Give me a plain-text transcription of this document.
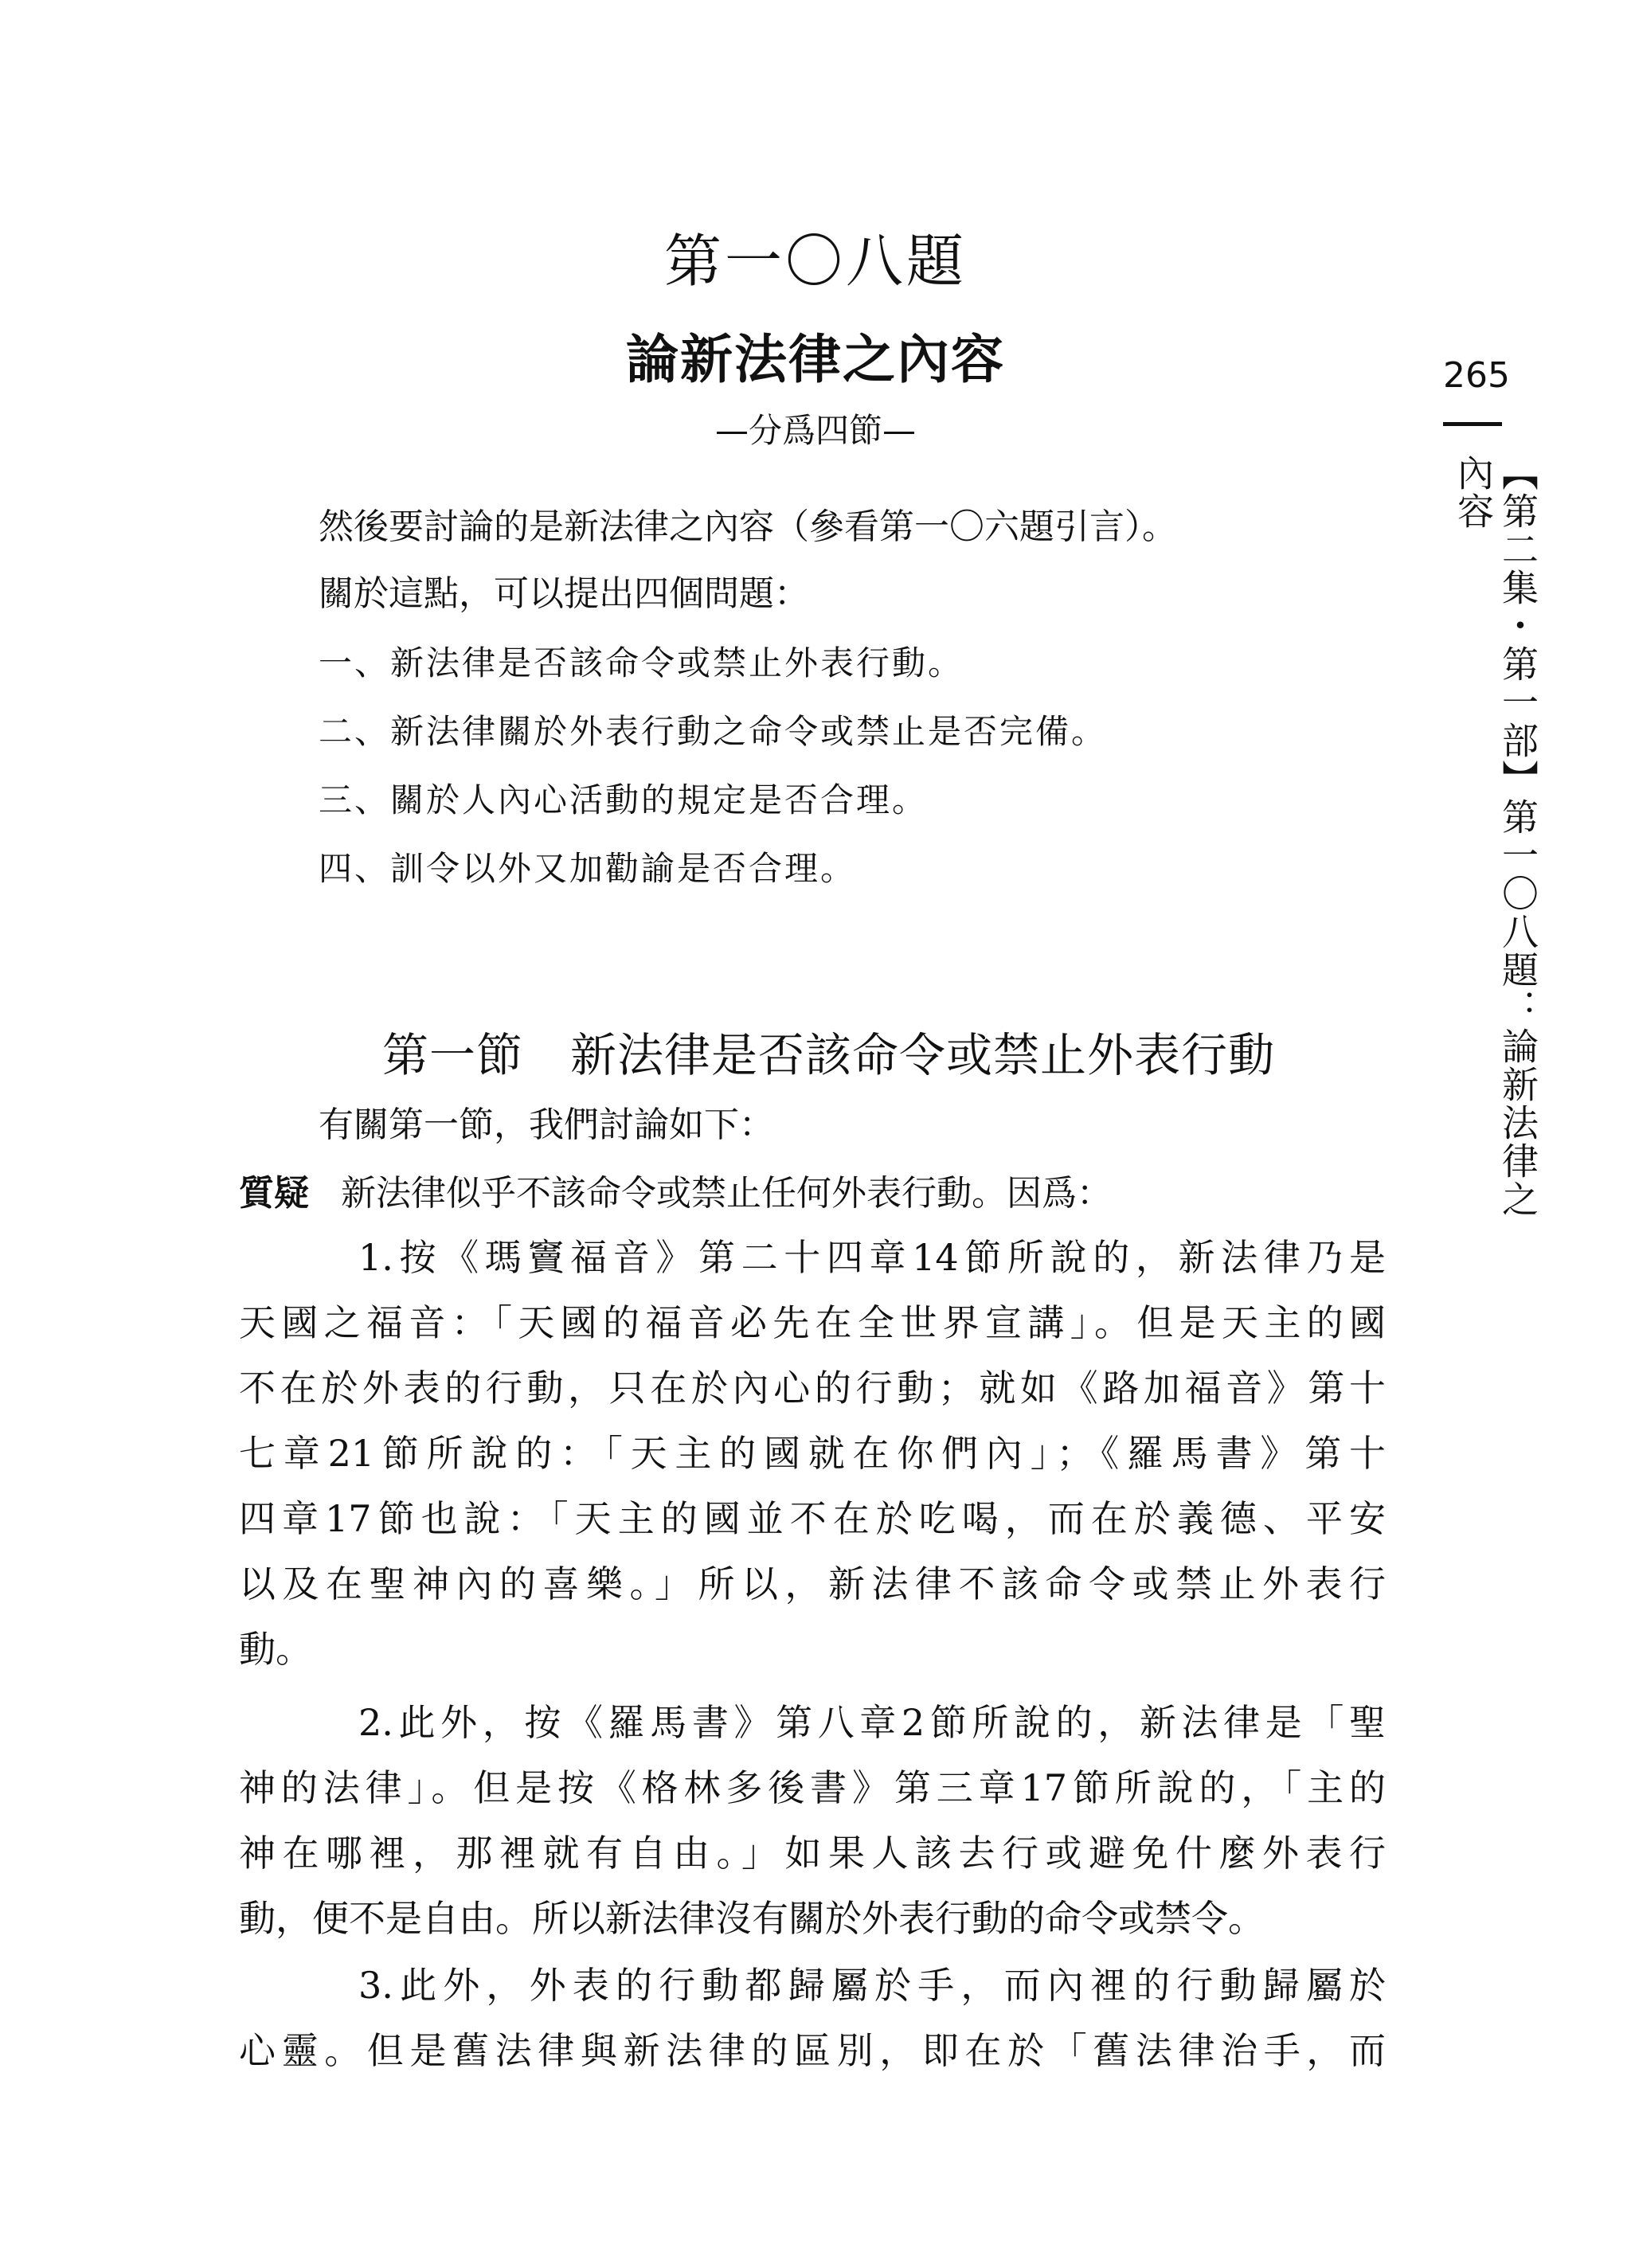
第一〇八題
論新法律之內容
—分爲四節—
265
【第二集・第一部】第一〇八題：論新法律之內容
然後要討論的是新法律之內容（參看第一〇六題引言）。
關於這點，可以提出四個問題：
一、新法律是否該命令或禁止外表行動。
二、新法律關於外表行動之命令或禁止是否完備。
三、關於人內心活動的規定是否合理。
四、訓令以外又加勸諭是否合理。
第一節　新法律是否該命令或禁止外表行動
有關第一節，我們討論如下：
質疑 新法律似乎不該命令或禁止任何外表行動。因爲：
1.按《瑪竇福音》第二十四章14節所說的，新法律乃是
天國之福音：「天國的福音必先在全世界宣講」。但是天主的國
不在於外表的行動，只在於內心的行動；就如《路加福音》第十
七章21節所說的：「天主的國就在你們內」；《羅馬書》第十
四章17節也說：「天主的國並不在於吃喝，而在於義德、平安
以及在聖神內的喜樂。」所以，新法律不該命令或禁止外表行
動。
2.此外，按《羅馬書》第八章2節所說的，新法律是「聖
神的法律」。但是按《格林多後書》第三章17節所說的，「主的
神在哪裡，那裡就有自由。」如果人該去行或避免什麼外表行
動，便不是自由。所以新法律沒有關於外表行動的命令或禁令。
3.此外，外表的行動都歸屬於手，而內裡的行動歸屬於
心靈。但是舊法律與新法律的區別，即在於「舊法律治手，而
